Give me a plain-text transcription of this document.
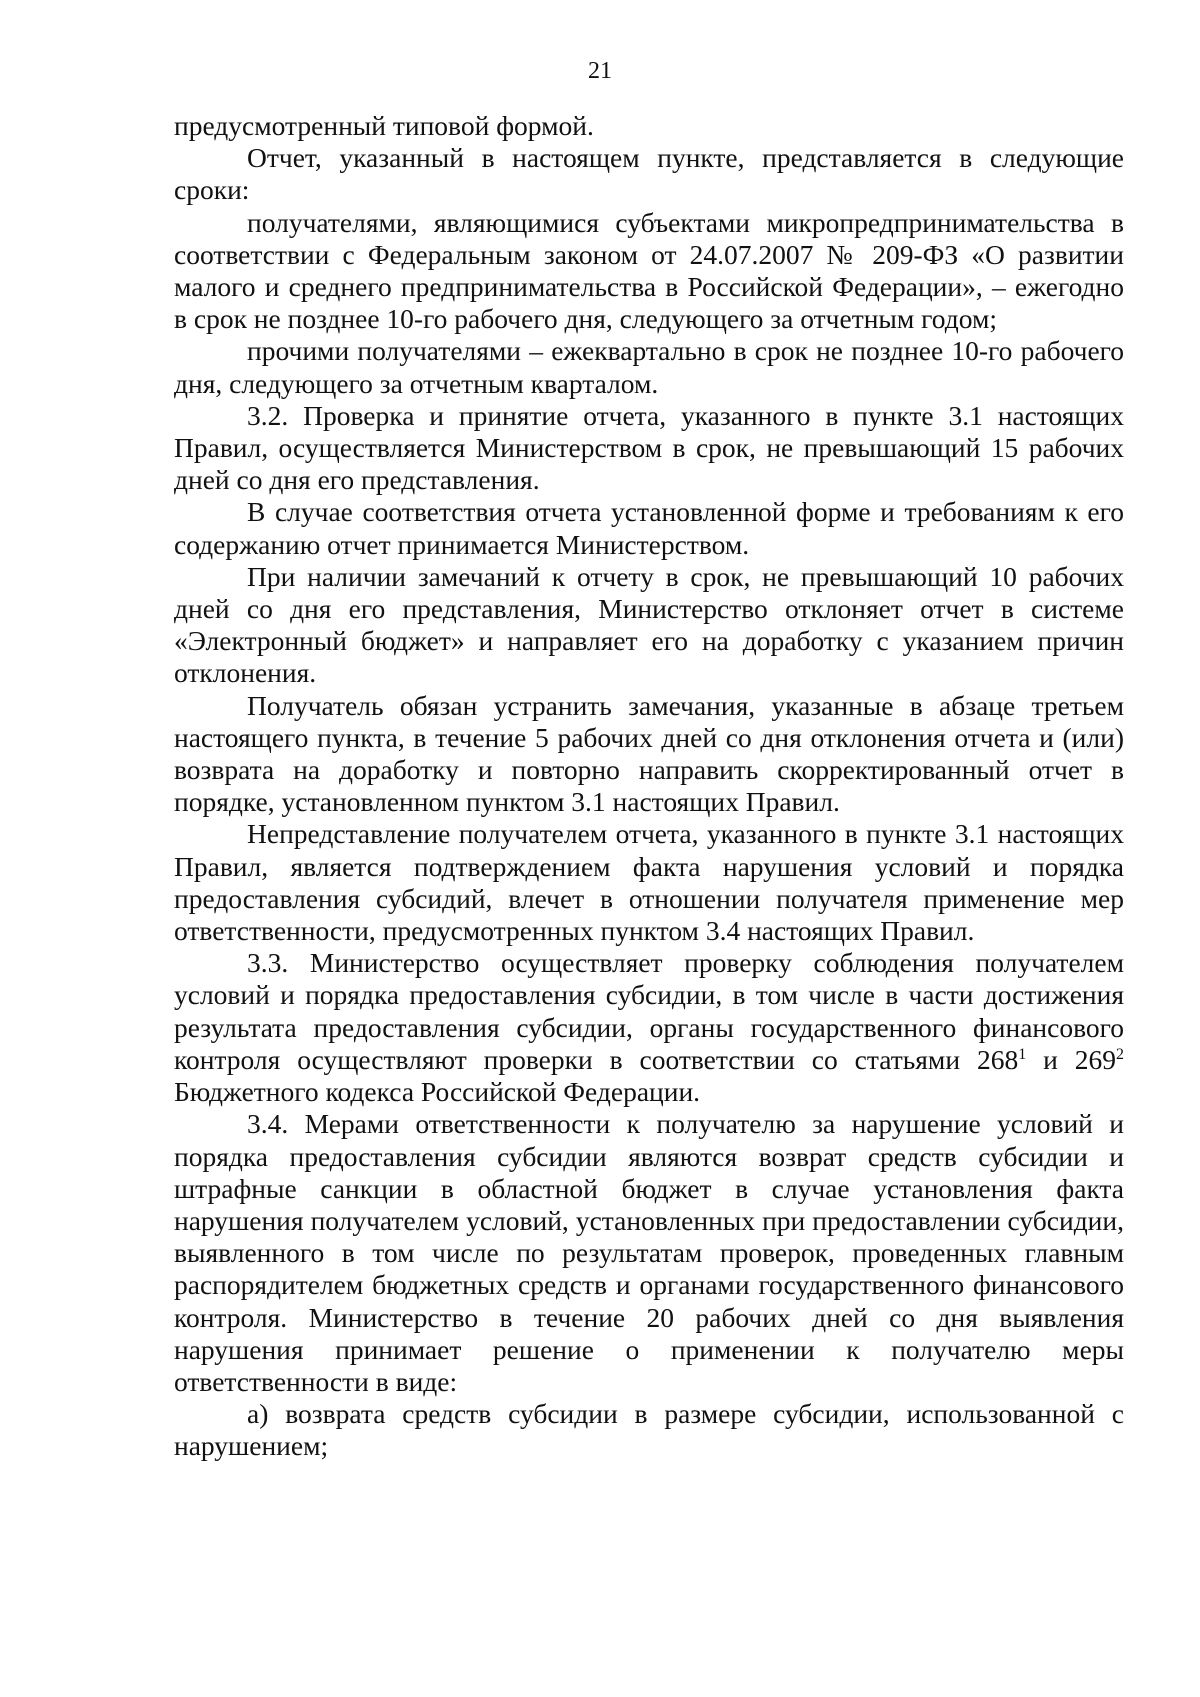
21

предусмотренный типовой формой.

Отчет, указанный в настоящем пункте, представляется в следующие сроки:

получателями, являющимися субъектами микропредпринимательства в соответствии с Федеральным законом от 24.07.2007 № 209-ФЗ «О развитии малого и среднего предпринимательства в Российской Федерации», – ежегодно в срок не позднее 10-го рабочего дня, следующего за отчетным годом;

прочими получателями – ежеквартально в срок не позднее 10-го рабочего дня, следующего за отчетным кварталом.

3.2. Проверка и принятие отчета, указанного в пункте 3.1 настоящих Правил, осуществляется Министерством в срок, не превышающий 15 рабочих дней со дня его представления.

В случае соответствия отчета установленной форме и требованиям к его содержанию отчет принимается Министерством.

При наличии замечаний к отчету в срок, не превышающий 10 рабочих дней со дня его представления, Министерство отклоняет отчет в системе «Электронный бюджет» и направляет его на доработку с указанием причин отклонения.

Получатель обязан устранить замечания, указанные в абзаце третьем настоящего пункта, в течение 5 рабочих дней со дня отклонения отчета и (или) возврата на доработку и повторно направить скорректированный отчет в порядке, установленном пунктом 3.1 настоящих Правил.

Непредставление получателем отчета, указанного в пункте 3.1 настоящих Правил, является подтверждением факта нарушения условий и порядка предоставления субсидий, влечет в отношении получателя применение мер ответственности, предусмотренных пунктом 3.4 настоящих Правил.

3.3. Министерство осуществляет проверку соблюдения получателем условий и порядка предоставления субсидии, в том числе в части достижения результата предоставления субсидии, органы государственного финансового контроля осуществляют проверки в соответствии со статьями $268^1$ и $269^2$ Бюджетного кодекса Российской Федерации.

3.4. Мерами ответственности к получателю за нарушение условий и порядка предоставления субсидии являются возврат средств субсидии и штрафные санкции в областной бюджет в случае установления факта нарушения получателем условий, установленных при предоставлении субсидии, выявленного в том числе по результатам проверок, проведенных главным распорядителем бюджетных средств и органами государственного финансового контроля. Министерство в течение 20 рабочих дней со дня выявления нарушения принимает решение о применении к получателю меры ответственности в виде:

а) возврата средств субсидии в размере субсидии, использованной с нарушением;
